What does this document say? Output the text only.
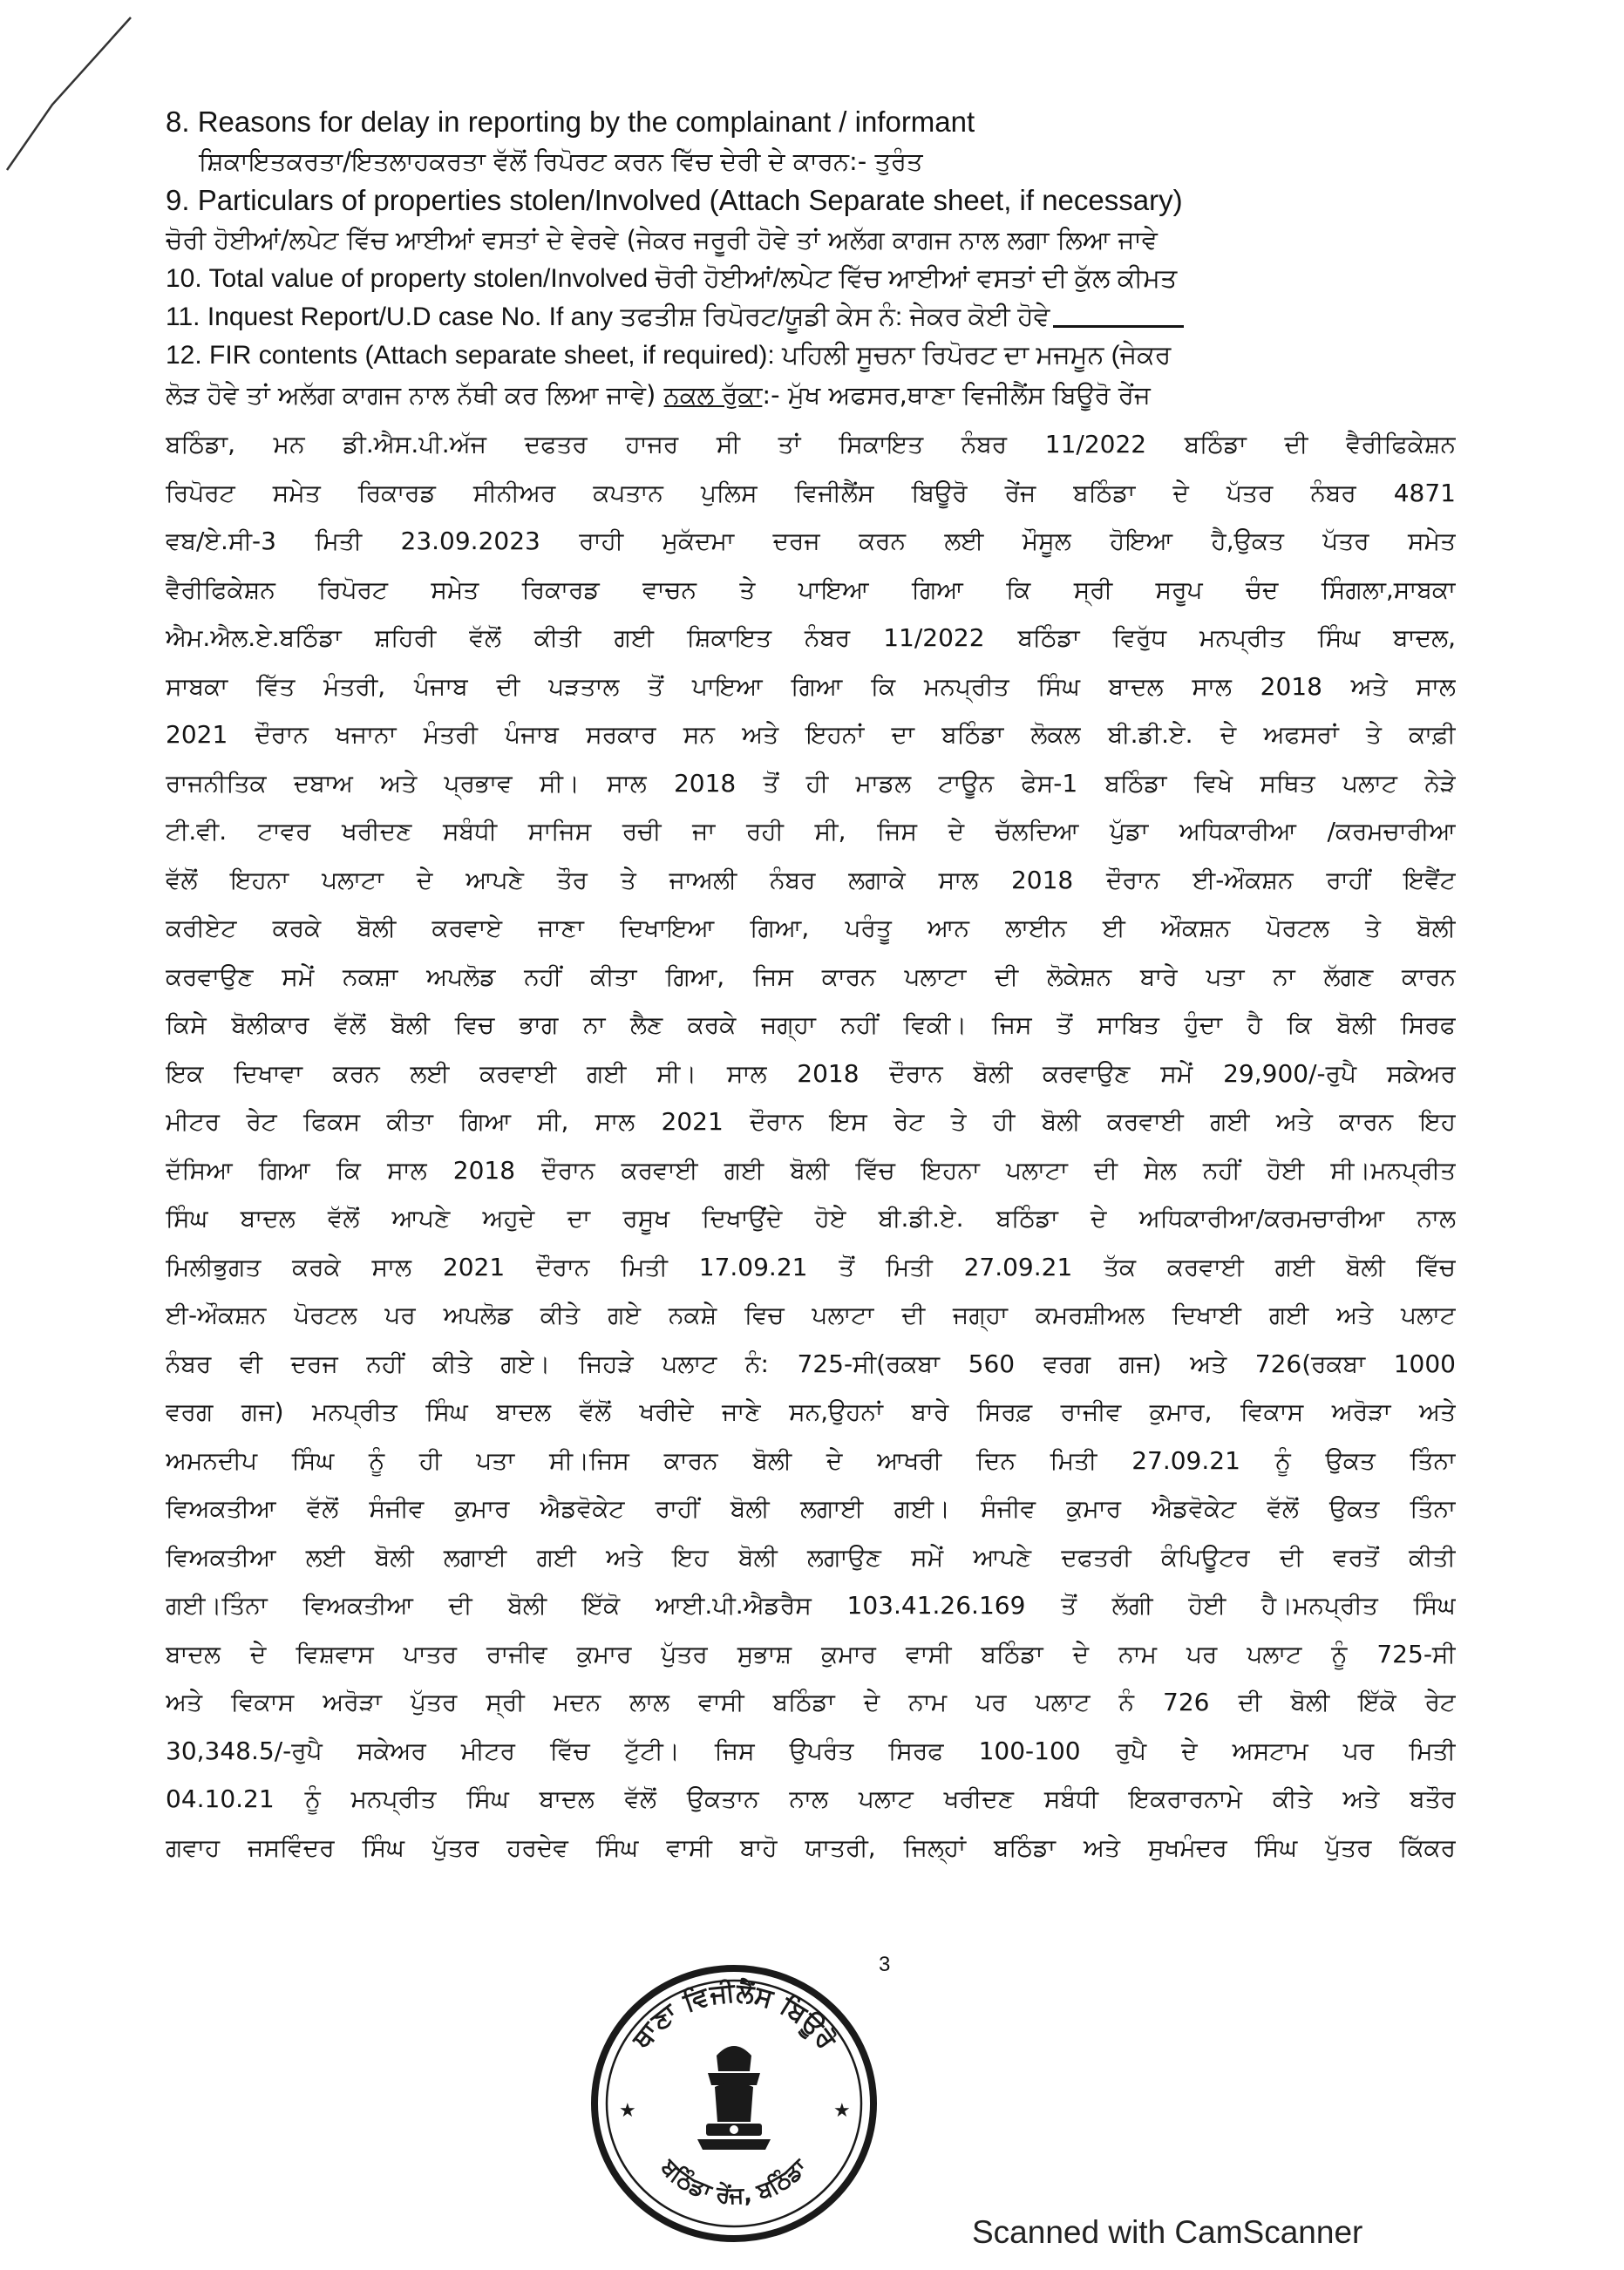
8. Reasons for delay in reporting by the complainant / informant
ਸ਼ਿਕਾਇਤਕਰਤਾ/ਇਤਲਾਹਕਰਤਾ ਵੱਲੋਂ ਰਿਪੋਰਟ ਕਰਨ ਵਿੱਚ ਦੇਰੀ ਦੇ ਕਾਰਨ:- ਤੁਰੰਤ
9. Particulars of properties stolen/Involved (Attach Separate sheet, if necessary)
ਚੋਰੀ ਹੋਈਆਂ/ਲਪੇਟ ਵਿੱਚ ਆਈਆਂ ਵਸਤਾਂ ਦੇ ਵੇਰਵੇ (ਜੇਕਰ ਜਰੂਰੀ ਹੋਵੇ ਤਾਂ ਅਲੱਗ ਕਾਗਜ ਨਾਲ ਲਗਾ ਲਿਆ ਜਾਵੇ
10. Total value of property stolen/Involved ਚੋਰੀ ਹੋਈਆਂ/ਲਪੇਟ ਵਿੱਚ ਆਈਆਂ ਵਸਤਾਂ ਦੀ ਕੁੱਲ ਕੀਮਤ
11. Inquest Report/U.D case No. If any ਤਫਤੀਸ਼ ਰਿਪੋਰਟ/ਯੂਡੀ ਕੇਸ ਨੰ: ਜੇਕਰ ਕੋਈ ਹੋਵੇ
12. FIR contents (Attach separate sheet, if required): ਪਹਿਲੀ ਸੂਚਨਾ ਰਿਪੋਰਟ ਦਾ ਮਜਮੂਨ (ਜੇਕਰ
ਲੋੜ ਹੋਵੇ ਤਾਂ ਅਲੱਗ ਕਾਗਜ ਨਾਲ ਨੱਥੀ ਕਰ ਲਿਆ ਜਾਵੇ) ਨਕਲ ਰੁੱਕਾ:- ਮੁੱਖ ਅਫਸਰ,ਥਾਣਾ ਵਿਜੀਲੈਂਸ ਬਿਊਰੋ ਰੇਂਜ
ਬਠਿੰਡਾ, ਮਨ ਡੀ.ਐਸ.ਪੀ.ਅੱਜ ਦਫਤਰ ਹਾਜਰ ਸੀ ਤਾਂ ਸਿਕਾਇਤ ਨੰਬਰ 11/2022 ਬਠਿੰਡਾ ਦੀ ਵੈਰੀਫਿਕੇਸ਼ਨ
ਰਿਪੋਰਟ ਸਮੇਤ ਰਿਕਾਰਡ ਸੀਨੀਅਰ ਕਪਤਾਨ ਪੁਲਿਸ ਵਿਜੀਲੈਂਸ ਬਿਊਰੋ ਰੇਂਜ ਬਠਿੰਡਾ ਦੇ ਪੱਤਰ ਨੰਬਰ 4871
ਵਬ/ਏ.ਸੀ-3 ਮਿਤੀ 23.09.2023 ਰਾਹੀ ਮੁਕੱਦਮਾ ਦਰਜ ਕਰਨ ਲਈ ਮੌਸੂਲ ਹੋਇਆ ਹੈ,ਉਕਤ ਪੱਤਰ ਸਮੇਤ
ਵੈਰੀਫਿਕੇਸ਼ਨ ਰਿਪੋਰਟ ਸਮੇਤ ਰਿਕਾਰਡ ਵਾਚਨ ਤੇ ਪਾਇਆ ਗਿਆ ਕਿ ਸ੍ਰੀ ਸਰੂਪ ਚੰਦ ਸਿੰਗਲਾ,ਸਾਬਕਾ
ਐਮ.ਐਲ.ਏ.ਬਠਿੰਡਾ ਸ਼ਹਿਰੀ ਵੱਲੋਂ ਕੀਤੀ ਗਈ ਸ਼ਿਕਾਇਤ ਨੰਬਰ 11/2022 ਬਠਿੰਡਾ ਵਿਰੁੱਧ ਮਨਪ੍ਰੀਤ ਸਿੰਘ ਬਾਦਲ,
ਸਾਬਕਾ ਵਿੱਤ ਮੰਤਰੀ, ਪੰਜਾਬ ਦੀ ਪੜਤਾਲ ਤੋਂ ਪਾਇਆ ਗਿਆ ਕਿ ਮਨਪ੍ਰੀਤ ਸਿੰਘ ਬਾਦਲ ਸਾਲ 2018 ਅਤੇ ਸਾਲ
2021 ਦੌਰਾਨ ਖਜਾਨਾ ਮੰਤਰੀ ਪੰਜਾਬ ਸਰਕਾਰ ਸਨ ਅਤੇ ਇਹਨਾਂ ਦਾ ਬਠਿੰਡਾ ਲੋਕਲ ਬੀ.ਡੀ.ਏ. ਦੇ ਅਫਸਰਾਂ ਤੇ ਕਾਫ਼ੀ
ਰਾਜਨੀਤਿਕ ਦਬਾਅ ਅਤੇ ਪ੍ਰਭਾਵ ਸੀ। ਸਾਲ 2018 ਤੋਂ ਹੀ ਮਾਡਲ ਟਾਊਨ ਫੇਸ-1 ਬਠਿੰਡਾ ਵਿਖੇ ਸਥਿਤ ਪਲਾਟ ਨੇੜੇ
ਟੀ.ਵੀ. ਟਾਵਰ ਖਰੀਦਣ ਸਬੰਧੀ ਸਾਜਿਸ ਰਚੀ ਜਾ ਰਹੀ ਸੀ, ਜਿਸ ਦੇ ਚੱਲਦਿਆ ਪੁੱਡਾ ਅਧਿਕਾਰੀਆ /ਕਰਮਚਾਰੀਆ
ਵੱਲੋਂ ਇਹਨਾ ਪਲਾਟਾ ਦੇ ਆਪਣੇ ਤੌਰ ਤੇ ਜਾਅਲੀ ਨੰਬਰ ਲਗਾਕੇ ਸਾਲ 2018 ਦੌਰਾਨ ਈ-ਔਕਸ਼ਨ ਰਾਹੀਂ ਇਵੈਂਟ
ਕਰੀਏਟ ਕਰਕੇ ਬੋਲੀ ਕਰਵਾਏ ਜਾਣਾ ਦਿਖਾਇਆ ਗਿਆ, ਪਰੰਤੂ ਆਨ ਲਾਈਨ ਈ ਔਕਸ਼ਨ ਪੋਰਟਲ ਤੇ ਬੋਲੀ
ਕਰਵਾਉਣ ਸਮੇਂ ਨਕਸ਼ਾ ਅਪਲੋਡ ਨਹੀਂ ਕੀਤਾ ਗਿਆ, ਜਿਸ ਕਾਰਨ ਪਲਾਟਾ ਦੀ ਲੋਕੇਸ਼ਨ ਬਾਰੇ ਪਤਾ ਨਾ ਲੱਗਣ ਕਾਰਨ
ਕਿਸੇ ਬੋਲੀਕਾਰ ਵੱਲੋਂ ਬੋਲੀ ਵਿਚ ਭਾਗ ਨਾ ਲੈਣ ਕਰਕੇ ਜਗ੍ਹਾ ਨਹੀਂ ਵਿਕੀ। ਜਿਸ ਤੋਂ ਸਾਬਿਤ ਹੁੰਦਾ ਹੈ ਕਿ ਬੋਲੀ ਸਿਰਫ
ਇਕ ਦਿਖਾਵਾ ਕਰਨ ਲਈ ਕਰਵਾਈ ਗਈ ਸੀ। ਸਾਲ 2018 ਦੌਰਾਨ ਬੋਲੀ ਕਰਵਾਉਣ ਸਮੇਂ 29,900/-ਰੁਪੈ ਸਕੇਅਰ
ਮੀਟਰ ਰੇਟ ਫਿਕਸ ਕੀਤਾ ਗਿਆ ਸੀ, ਸਾਲ 2021 ਦੌਰਾਨ ਇਸ ਰੇਟ ਤੇ ਹੀ ਬੋਲੀ ਕਰਵਾਈ ਗਈ ਅਤੇ ਕਾਰਨ ਇਹ
ਦੱਸਿਆ ਗਿਆ ਕਿ ਸਾਲ 2018 ਦੌਰਾਨ ਕਰਵਾਈ ਗਈ ਬੋਲੀ ਵਿੱਚ ਇਹਨਾ ਪਲਾਟਾ ਦੀ ਸੇਲ ਨਹੀਂ ਹੋਈ ਸੀ।ਮਨਪ੍ਰੀਤ
ਸਿੰਘ ਬਾਦਲ ਵੱਲੋਂ ਆਪਣੇ ਅਹੁਦੇ ਦਾ ਰਸੂਖ ਦਿਖਾਉਂਦੇ ਹੋਏ ਬੀ.ਡੀ.ਏ. ਬਠਿੰਡਾ ਦੇ ਅਧਿਕਾਰੀਆ/ਕਰਮਚਾਰੀਆ ਨਾਲ
ਮਿਲੀਭੁਗਤ ਕਰਕੇ ਸਾਲ 2021 ਦੌਰਾਨ ਮਿਤੀ 17.09.21 ਤੋਂ ਮਿਤੀ 27.09.21 ਤੱਕ ਕਰਵਾਈ ਗਈ ਬੋਲੀ ਵਿੱਚ
ਈ-ਔਕਸ਼ਨ ਪੋਰਟਲ ਪਰ ਅਪਲੋਡ ਕੀਤੇ ਗਏ ਨਕਸ਼ੇ ਵਿਚ ਪਲਾਟਾ ਦੀ ਜਗ੍ਹਾ ਕਮਰਸ਼ੀਅਲ ਦਿਖਾਈ ਗਈ ਅਤੇ ਪਲਾਟ
ਨੰਬਰ ਵੀ ਦਰਜ ਨਹੀਂ ਕੀਤੇ ਗਏ। ਜਿਹੜੇ ਪਲਾਟ ਨੰ: 725-ਸੀ(ਰਕਬਾ 560 ਵਰਗ ਗਜ) ਅਤੇ 726(ਰਕਬਾ 1000
ਵਰਗ ਗਜ) ਮਨਪ੍ਰੀਤ ਸਿੰਘ ਬਾਦਲ ਵੱਲੋਂ ਖਰੀਦੇ ਜਾਣੇ ਸਨ,ਉਹਨਾਂ ਬਾਰੇ ਸਿਰਫ਼ ਰਾਜੀਵ ਕੁਮਾਰ, ਵਿਕਾਸ ਅਰੋੜਾ ਅਤੇ
ਅਮਨਦੀਪ ਸਿੰਘ ਨੂੰ ਹੀ ਪਤਾ ਸੀ।ਜਿਸ ਕਾਰਨ ਬੋਲੀ ਦੇ ਆਖਰੀ ਦਿਨ ਮਿਤੀ 27.09.21 ਨੂੰ ਉਕਤ ਤਿੰਨਾ
ਵਿਅਕਤੀਆ ਵੱਲੋਂ ਸੰਜੀਵ ਕੁਮਾਰ ਐਡਵੋਕੇਟ ਰਾਹੀਂ ਬੋਲੀ ਲਗਾਈ ਗਈ। ਸੰਜੀਵ ਕੁਮਾਰ ਐਡਵੋਕੇਟ ਵੱਲੋਂ ਉਕਤ ਤਿੰਨਾ
ਵਿਅਕਤੀਆ ਲਈ ਬੋਲੀ ਲਗਾਈ ਗਈ ਅਤੇ ਇਹ ਬੋਲੀ ਲਗਾਉਣ ਸਮੇਂ ਆਪਣੇ ਦਫਤਰੀ ਕੰਪਿਊਟਰ ਦੀ ਵਰਤੋਂ ਕੀਤੀ
ਗਈ।ਤਿੰਨਾ ਵਿਅਕਤੀਆ ਦੀ ਬੋਲੀ ਇੱਕੋ ਆਈ.ਪੀ.ਐਡਰੈਸ 103.41.26.169 ਤੋਂ ਲੱਗੀ ਹੋਈ ਹੈ।ਮਨਪ੍ਰੀਤ ਸਿੰਘ
ਬਾਦਲ ਦੇ ਵਿਸ਼ਵਾਸ ਪਾਤਰ ਰਾਜੀਵ ਕੁਮਾਰ ਪੁੱਤਰ ਸੁਭਾਸ਼ ਕੁਮਾਰ ਵਾਸੀ ਬਠਿੰਡਾ ਦੇ ਨਾਮ ਪਰ ਪਲਾਟ ਨੂੰ 725-ਸੀ
ਅਤੇ ਵਿਕਾਸ ਅਰੋੜਾ ਪੁੱਤਰ ਸ੍ਰੀ ਮਦਨ ਲਾਲ ਵਾਸੀ ਬਠਿੰਡਾ ਦੇ ਨਾਮ ਪਰ ਪਲਾਟ ਨੰ 726 ਦੀ ਬੋਲੀ ਇੱਕੋ ਰੇਟ
30,348.5/-ਰੁਪੈ ਸਕੇਅਰ ਮੀਟਰ ਵਿੱਚ ਟੁੱਟੀ। ਜਿਸ ਉਪਰੰਤ ਸਿਰਫ 100-100 ਰੁਪੈ ਦੇ ਅਸਟਾਮ ਪਰ ਮਿਤੀ
04.10.21 ਨੂੰ ਮਨਪ੍ਰੀਤ ਸਿੰਘ ਬਾਦਲ ਵੱਲੋਂ ਉਕਤਾਨ ਨਾਲ ਪਲਾਟ ਖਰੀਦਣ ਸਬੰਧੀ ਇਕਰਾਰਨਾਮੇ ਕੀਤੇ ਅਤੇ ਬਤੌਰ
ਗਵਾਹ ਜਸਵਿੰਦਰ ਸਿੰਘ ਪੁੱਤਰ ਹਰਦੇਵ ਸਿੰਘ ਵਾਸੀ ਬਾਹੋ ਯਾਤਰੀ, ਜਿਲ੍ਹਾਂ ਬਠਿੰਡਾ ਅਤੇ ਸੁਖਮੰਦਰ ਸਿੰਘ ਪੁੱਤਰ ਕਿੱਕਰ
3
ਥਾਣਾ ਵਿਜੀਲੈਂਸ ਬਿਊਰੋ
ਬਠਿੰਡਾ ਰੇਂਜ, ਬਠਿੰਡਾ
★	★
Scanned with CamScanner
